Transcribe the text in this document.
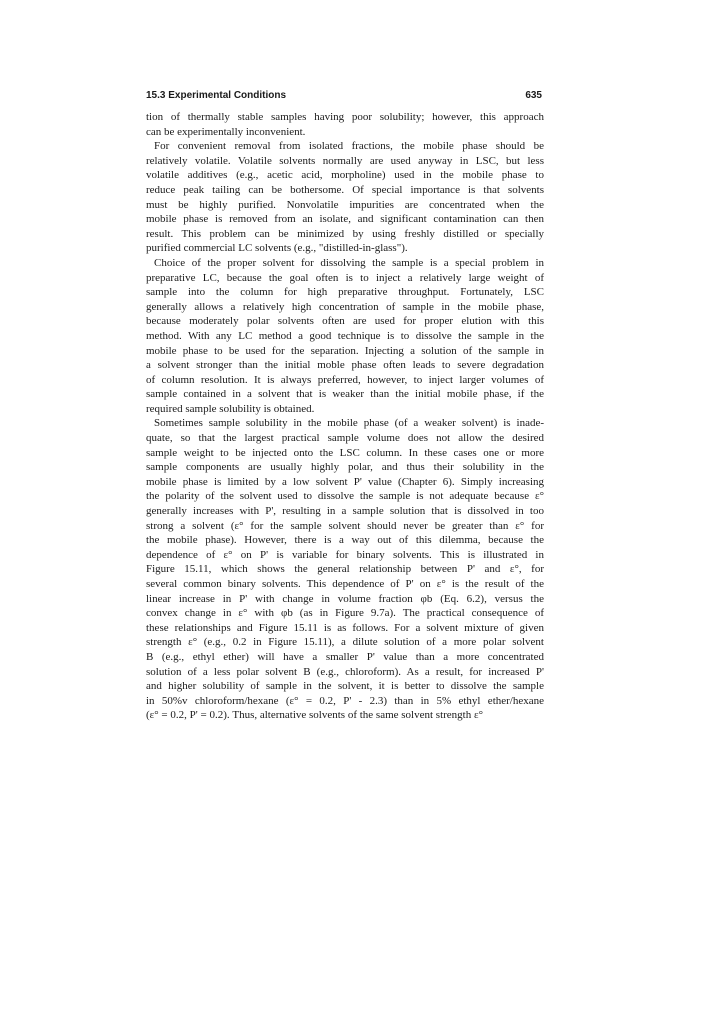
15.3 Experimental Conditions	635

tion of thermally stable samples having poor solubility; however, this approach
can be experimentally inconvenient.

For convenient removal from isolated fractions, the mobile phase should be
relatively volatile. Volatile solvents normally are used anyway in LSC, but less
volatile additives (e.g., acetic acid, morpholine) used in the mobile phase to
reduce peak tailing can be bothersome. Of special importance is that solvents
must be highly purified. Nonvolatile impurities are concentrated when the
mobile phase is removed from an isolate, and significant contamination can then
result. This problem can be minimized by using freshly distilled or specially
purified commercial LC solvents (e.g., "distilled-in-glass").

Choice of the proper solvent for dissolving the sample is a special problem in
preparative LC, because the goal often is to inject a relatively large weight of
sample into the column for high preparative throughput. Fortunately, LSC
generally allows a relatively high concentration of sample in the mobile phase,
because moderately polar solvents often are used for proper elution with this
method. With any LC method a good technique is to dissolve the sample in the
mobile phase to be used for the separation. Injecting a solution of the sample in
a solvent stronger than the initial moble phase often leads to severe degradation
of column resolution. It is always preferred, however, to inject larger volumes of
sample contained in a solvent that is weaker than the initial mobile phase, if the
required sample solubility is obtained.

Sometimes sample solubility in the mobile phase (of a weaker solvent) is inade-
quate, so that the largest practical sample volume does not allow the desired
sample weight to be injected onto the LSC column. In these cases one or more
sample components are usually highly polar, and thus their solubility in the
mobile phase is limited by a low solvent P' value (Chapter 6). Simply increasing
the polarity of the solvent used to dissolve the sample is not adequate because ε°
generally increases with P', resulting in a sample solution that is dissolved in too
strong a solvent (ε° for the sample solvent should never be greater than ε° for
the mobile phase). However, there is a way out of this dilemma, because the
dependence of ε° on P' is variable for binary solvents. This is illustrated in
Figure 15.11, which shows the general relationship between P' and ε°, for
several common binary solvents. This dependence of P' on ε° is the result of the
linear increase in P' with change in volume fraction φb (Eq. 6.2), versus the
convex change in ε° with φb (as in Figure 9.7a). The practical consequence of
these relationships and Figure 15.11 is as follows. For a solvent mixture of given
strength ε° (e.g., 0.2 in Figure 15.11), a dilute solution of a more polar solvent
B (e.g., ethyl ether) will have a smaller P' value than a more concentrated
solution of a less polar solvent B (e.g., chloroform). As a result, for increased P'
and higher solubility of sample in the solvent, it is better to dissolve the sample
in 50%v chloroform/hexane (ε° = 0.2, P' - 2.3) than in 5% ethyl ether/hexane
(ε° = 0.2, P' = 0.2). Thus, alternative solvents of the same solvent strength ε°
